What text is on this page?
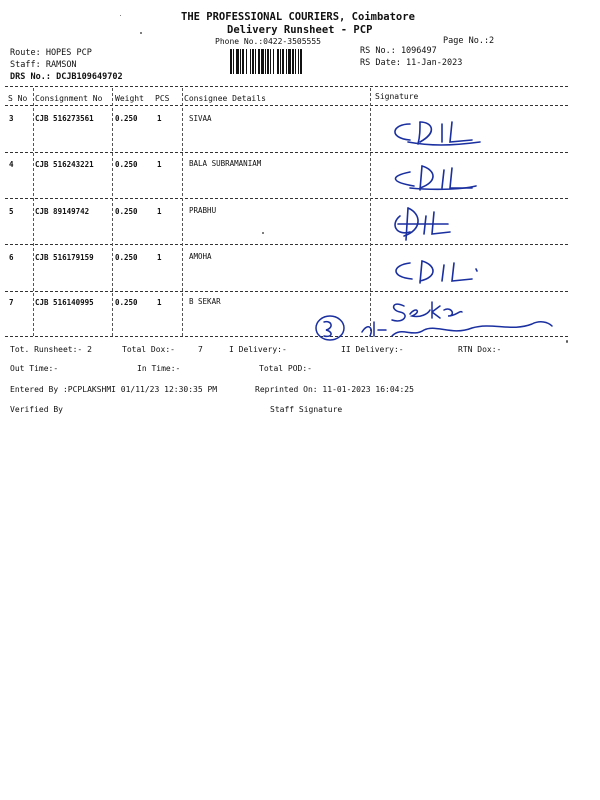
THE PROFESSIONAL COURIERS, Coimbatore
Delivery Runsheet - PCP
Phone No.:0422-3505555	Page No.:2
Route: HOPES PCP
Staff: RAMSON
DRS No.: DCJB109649702
RS No.: 1096497
RS Date: 11-Jan-2023
S No Consignment No Weight PCS Consignee Details	Signature
3	CJB 516273561	0.250	1	SIVAA
4	CJB 516243221	0.250	1	BALA SUBRAMANIAM
5	CJB 89149742	0.250	1	PRABHU
6	CJB 516179159	0.250	1	AMOHA
7	CJB 516140995	0.250	1	B SEKAR
Tot. Runsheet:- 2	Total Dox:-	7	I Delivery:-	II Delivery:-	RTN Dox:-
Out Time:-	In Time:-	Total POD:-
Entered By :PCPLAKSHMI 01/11/23 12:30:35 PM	Reprinted On: 11-01-2023 16:04:25
Verified By	Staff Signature
